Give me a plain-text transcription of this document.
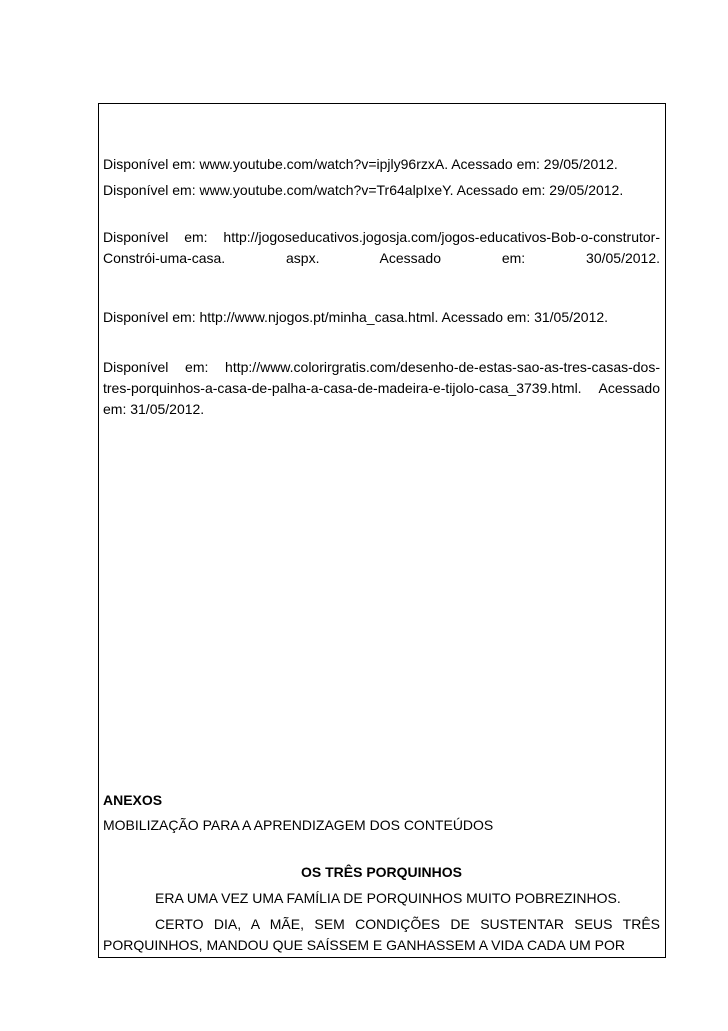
Disponível em: www.youtube.com/watch?v=ipjly96rzxA. Acessado em: 29/05/2012.

Disponível em: www.youtube.com/watch?v=Tr64alpIxeY. Acessado em: 29/05/2012.

Disponível em: http://jogoseducativos.jogosja.com/jogos-educativos-Bob-o-construtor-Constrói-uma-casa. aspx. Acessado em: 30/05/2012.

Disponível em: http://www.njogos.pt/minha_casa.html. Acessado em: 31/05/2012.

Disponível em: http://www.colorirgratis.com/desenho-de-estas-sao-as-tres-casas-dos-tres-porquinhos-a-casa-de-palha-a-casa-de-madeira-e-tijolo-casa_3739.html. Acessado em: 31/05/2012.

ANEXOS

MOBILIZAÇÃO PARA A APRENDIZAGEM DOS CONTEÚDOS

OS TRÊS PORQUINHOS

ERA UMA VEZ UMA FAMÍLIA DE PORQUINHOS MUITO POBREZINHOS.

CERTO DIA, A MÃE, SEM CONDIÇÕES DE SUSTENTAR SEUS TRÊS PORQUINHOS, MANDOU QUE SAÍSSEM E GANHASSEM A VIDA CADA UM POR
